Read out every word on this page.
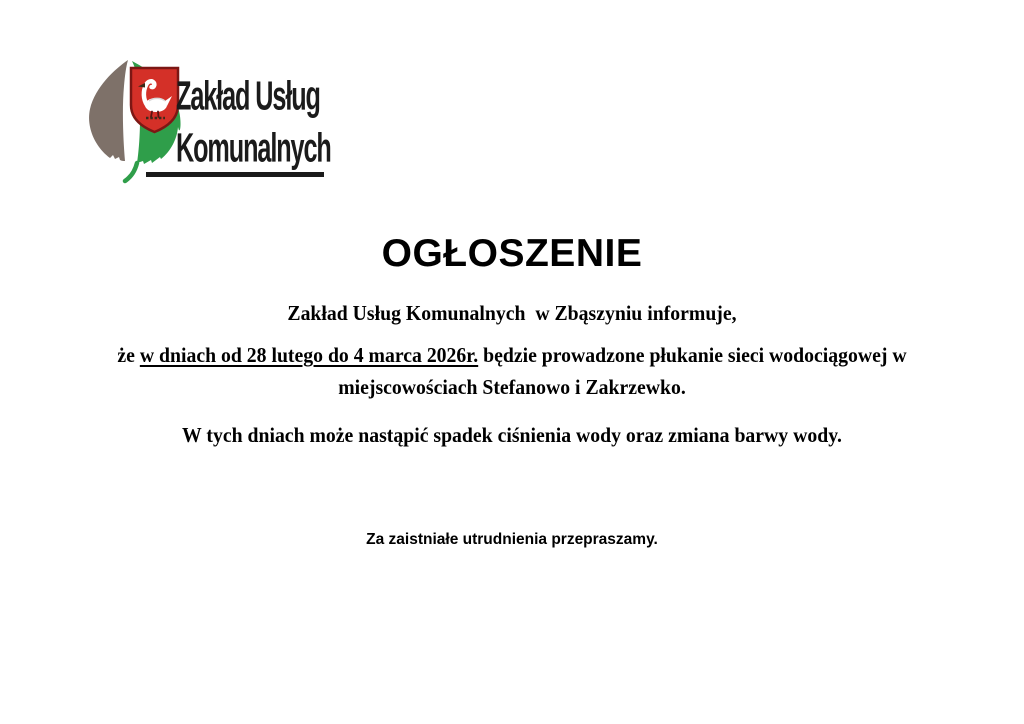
Zakład Usług
Komunalnych
OGŁOSZENIE
Zakład Usług Komunalnych  w Zbąszyniu informuje,
że w dniach od 28 lutego do 4 marca 2026r. będzie prowadzone płukanie sieci wodociągowej w
miejscowościach Stefanowo i Zakrzewko.
W tych dniach może nastąpić spadek ciśnienia wody oraz zmiana barwy wody.
Za zaistniałe utrudnienia przepraszamy.
